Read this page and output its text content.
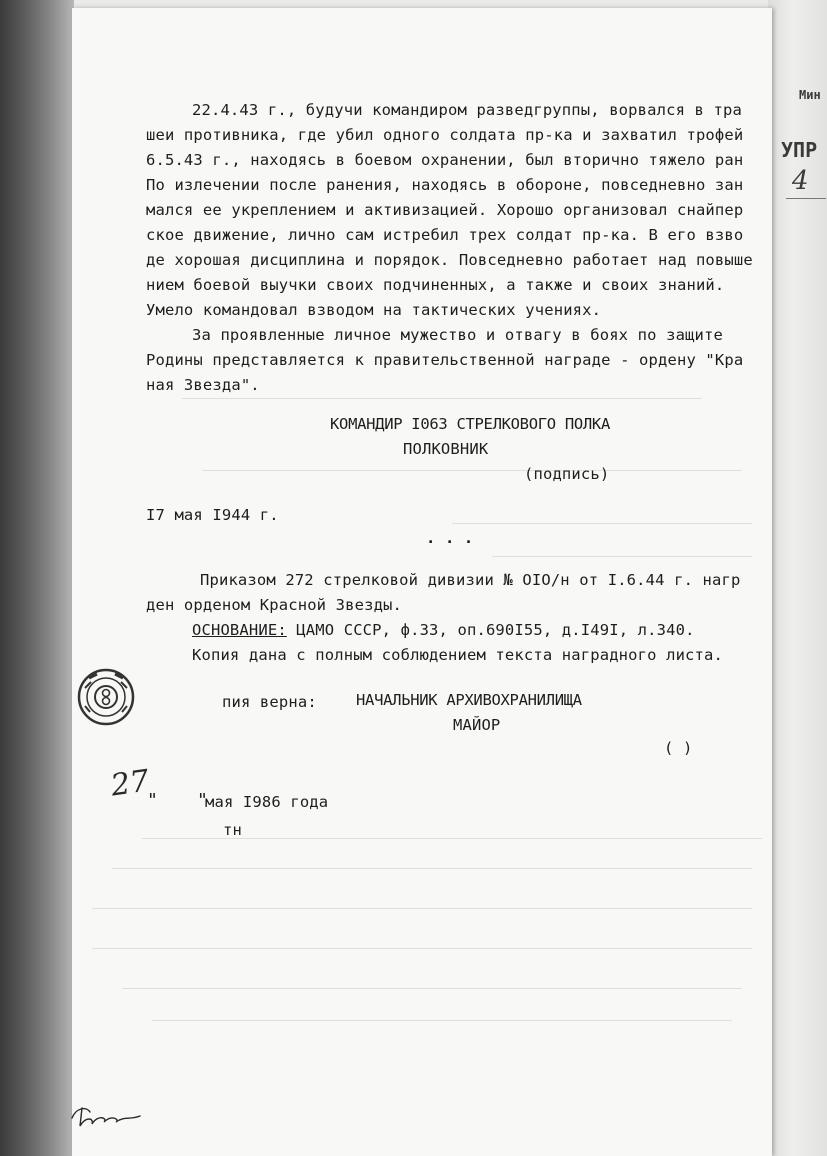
Мин
УПР
4
22.4.43 г., будучи командиром разведгруппы, ворвался в тра
шеи противника, где убил одного солдата пр-ка и захватил трофей
6.5.43 г., находясь в боевом охранении, был вторично тяжело ран
По излечении после ранения, находясь в обороне, повседневно зан
мался ее укреплением и активизацией. Хорошо организовал снайпер
ское движение, лично сам истребил трех солдат пр-ка. В его взво
де хорошая дисциплина и порядок. Повседневно работает над повыше
нием боевой выучки своих подчиненных, а также и своих знаний.
Умело командовал взводом на тактических учениях.
За проявленные личное мужество и отвагу в боях по защите
Родины представляется к правительственной награде - ордену "Кра
ная Звезда".
КОМАНДИР I063 СТРЕЛКОВОГО ПОЛКА
ПОЛКОВНИК
(подпись)
I7 мая I944 г.
. . .
Приказом 272 стрелковой дивизии № OIO/н от I.6.44 г. нагр
ден орденом Красной Звезды.
ОСНОВАНИЕ: ЦАМО СССР, ф.33, оп.690I55, д.I49I, л.340.
Копия дана с полным соблюдением текста наградного листа.
пия верна:	НАЧАЛЬНИК АРХИВОХРАНИЛИЩА
МАЙОР
( )
"
27	"
мая I986 года
тн
